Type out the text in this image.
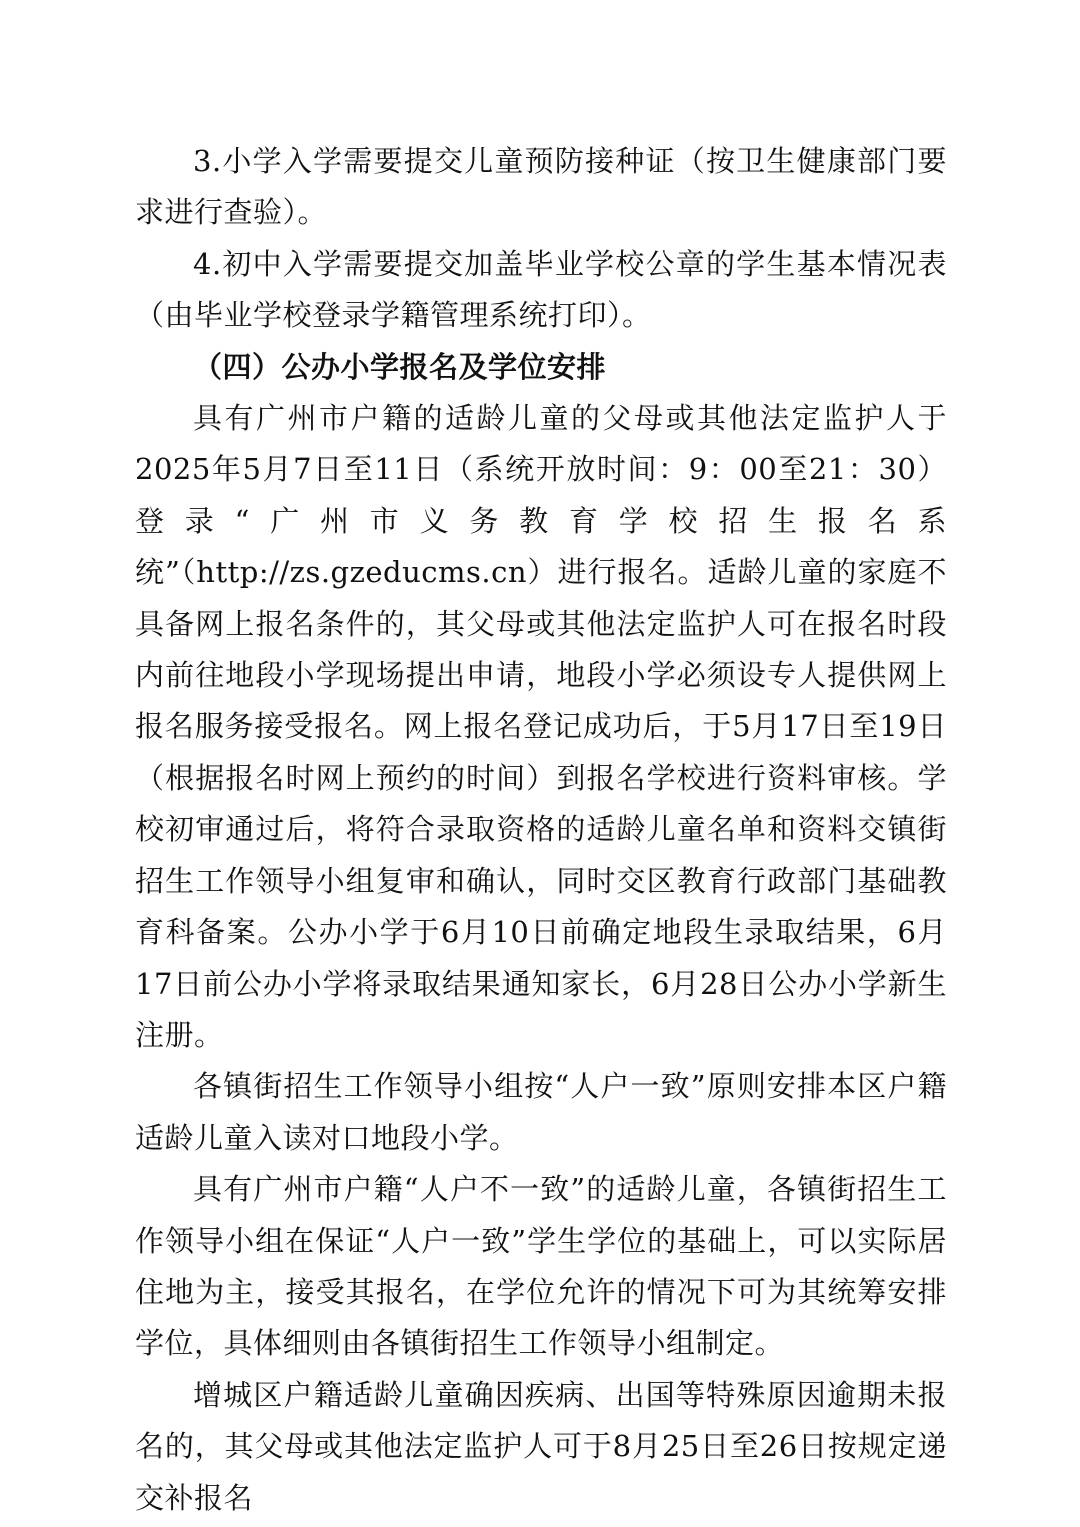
3.小学入学需要提交儿童预防接种证（按卫生健康部门要求进行查验）。

4.初中入学需要提交加盖毕业学校公章的学生基本情况表（由毕业学校登录学籍管理系统打印）。

（四）公办小学报名及学位安排

具有广州市户籍的适龄儿童的父母或其他法定监护人于2025年5月7日至11日（系统开放时间：9：00至21：30）登录“广州市义务教育学校招生报名系统”（http://zs.gzeducms.cn）进行报名。适龄儿童的家庭不具备网上报名条件的，其父母或其他法定监护人可在报名时段内前往地段小学现场提出申请，地段小学必须设专人提供网上报名服务接受报名。网上报名登记成功后，于5月17日至19日（根据报名时网上预约的时间）到报名学校进行资料审核。学校初审通过后，将符合录取资格的适龄儿童名单和资料交镇街招生工作领导小组复审和确认，同时交区教育行政部门基础教育科备案。公办小学于6月10日前确定地段生录取结果，6月17日前公办小学将录取结果通知家长，6月28日公办小学新生注册。

各镇街招生工作领导小组按“人户一致”原则安排本区户籍适龄儿童入读对口地段小学。

具有广州市户籍“人户不一致”的适龄儿童，各镇街招生工作领导小组在保证“人户一致”学生学位的基础上，可以实际居住地为主，接受其报名，在学位允许的情况下可为其统筹安排学位，具体细则由各镇街招生工作领导小组制定。

增城区户籍适龄儿童确因疾病、出国等特殊原因逾期未报名的，其父母或其他法定监护人可于8月25日至26日按规定递交补报名
